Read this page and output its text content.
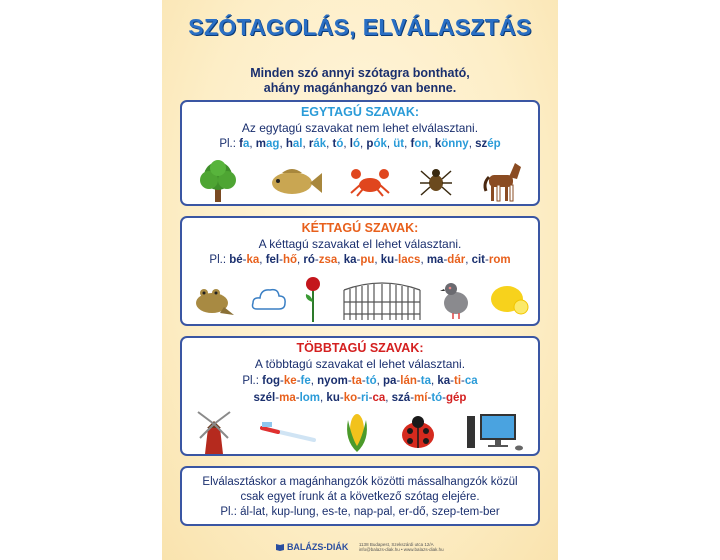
SZÓTAGOLÁS, ELVÁLASZTÁS
Minden szó annyi szótagra bontható,
ahány magánhangzó van benne.
EGYTAGÚ SZAVAK:

Az egytagú szavakat nem lehet elválasztani.

Pl.: fa, mag, hal, rák, tó, ló, pók, üt, fon, könny, szép
KÉTTAGÚ SZAVAK:

A kéttagú szavakat el lehet választani.

Pl.: bé-ka, fel-hő, ró-zsa, ka-pu, ku-lacs, ma-dár, cit-rom
TÖBBTAGÚ SZAVAK:

A többtagú szavakat el lehet választani.

Pl.: fog-ke-fe, nyom-ta-tó, pa-lán-ta, ka-ti-ca
szél-ma-lom, ku-ko-ri-ca, szá-mí-tó-gép

Elválasztáskor a magánhangzók közötti mássalhangzók közül

csak egyet írunk át a következő szótag elejére.

Pl.: ál-lat, kup-lung, es-te, nap-pal, er-dő, szep-tem-ber

BALÁZS-DIÁK 1138 Budapest, Szekszárdi utca 12/A
info@balazs-diak.hu • www.balazs-diak.hu
